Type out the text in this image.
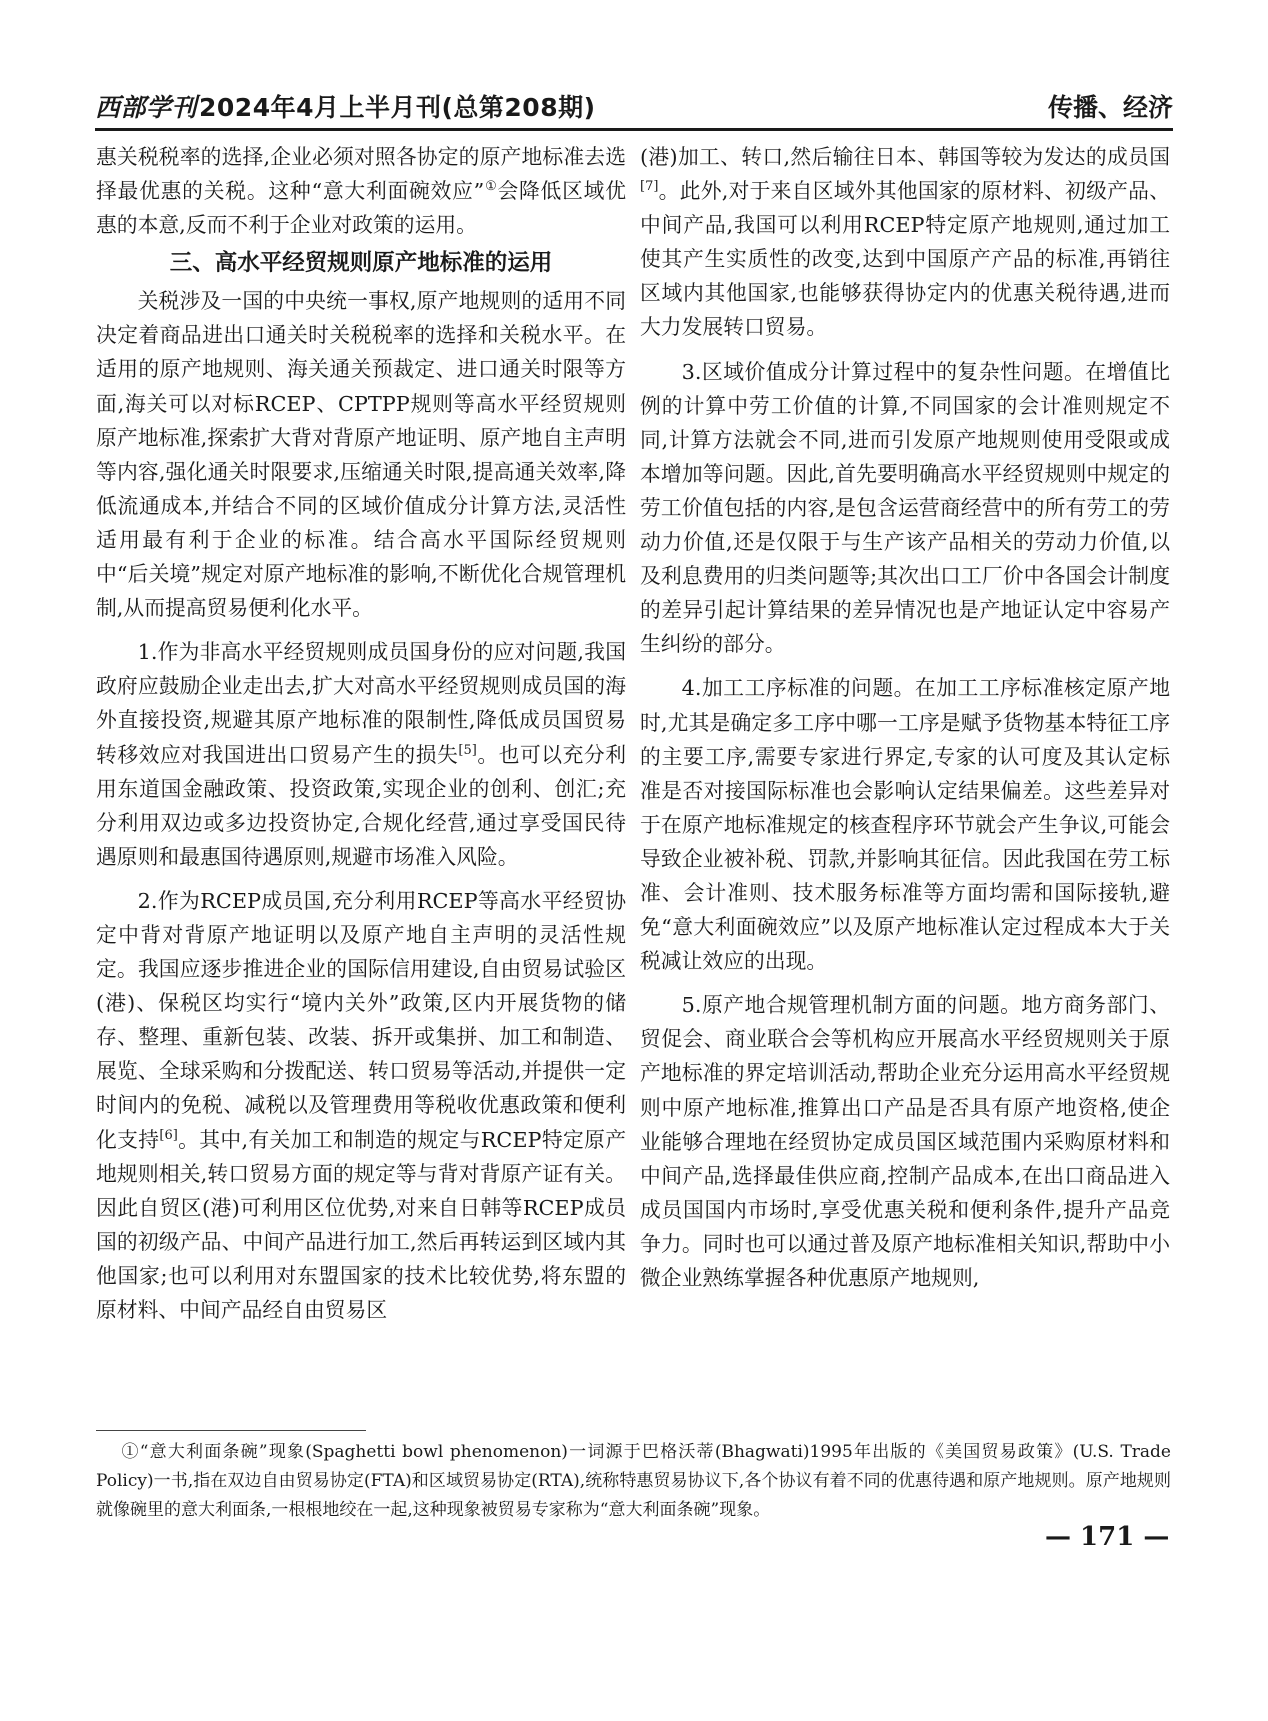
西部学刊2024年4月上半月刊(总第208期)	传播、经济

惠关税税率的选择,企业必须对照各协定的原产地标准去选择最优惠的关税。这种“意大利面碗效应”①会降低区域优惠的本意,反而不利于企业对政策的运用。

三、高水平经贸规则原产地标准的运用

关税涉及一国的中央统一事权,原产地规则的适用不同决定着商品进出口通关时关税税率的选择和关税水平。在适用的原产地规则、海关通关预裁定、进口通关时限等方面,海关可以对标RCEP、CPTPP规则等高水平经贸规则原产地标准,探索扩大背对背原产地证明、原产地自主声明等内容,强化通关时限要求,压缩通关时限,提高通关效率,降低流通成本,并结合不同的区域价值成分计算方法,灵活性适用最有利于企业的标准。结合高水平国际经贸规则中“后关境”规定对原产地标准的影响,不断优化合规管理机制,从而提高贸易便利化水平。

1.作为非高水平经贸规则成员国身份的应对问题,我国政府应鼓励企业走出去,扩大对高水平经贸规则成员国的海外直接投资,规避其原产地标准的限制性,降低成员国贸易转移效应对我国进出口贸易产生的损失[5]。也可以充分利用东道国金融政策、投资政策,实现企业的创利、创汇;充分利用双边或多边投资协定,合规化经营,通过享受国民待遇原则和最惠国待遇原则,规避市场准入风险。

2.作为RCEP成员国,充分利用RCEP等高水平经贸协定中背对背原产地证明以及原产地自主声明的灵活性规定。我国应逐步推进企业的国际信用建设,自由贸易试验区(港)、保税区均实行“境内关外”政策,区内开展货物的储存、整理、重新包装、改装、拆开或集拼、加工和制造、展览、全球采购和分拨配送、转口贸易等活动,并提供一定时间内的免税、减税以及管理费用等税收优惠政策和便利化支持[6]。其中,有关加工和制造的规定与RCEP特定原产地规则相关,转口贸易方面的规定等与背对背原产证有关。因此自贸区(港)可利用区位优势,对来自日韩等RCEP成员国的初级产品、中间产品进行加工,然后再转运到区域内其他国家;也可以利用对东盟国家的技术比较优势,将东盟的原材料、中间产品经自由贸易区

(港)加工、转口,然后输往日本、韩国等较为发达的成员国[7]。此外,对于来自区域外其他国家的原材料、初级产品、中间产品,我国可以利用RCEP特定原产地规则,通过加工使其产生实质性的改变,达到中国原产产品的标准,再销往区域内其他国家,也能够获得协定内的优惠关税待遇,进而大力发展转口贸易。

3.区域价值成分计算过程中的复杂性问题。在增值比例的计算中劳工价值的计算,不同国家的会计准则规定不同,计算方法就会不同,进而引发原产地规则使用受限或成本增加等问题。因此,首先要明确高水平经贸规则中规定的劳工价值包括的内容,是包含运营商经营中的所有劳工的劳动力价值,还是仅限于与生产该产品相关的劳动力价值,以及利息费用的归类问题等;其次出口工厂价中各国会计制度的差异引起计算结果的差异情况也是产地证认定中容易产生纠纷的部分。

4.加工工序标准的问题。在加工工序标准核定原产地时,尤其是确定多工序中哪一工序是赋予货物基本特征工序的主要工序,需要专家进行界定,专家的认可度及其认定标准是否对接国际标准也会影响认定结果偏差。这些差异对于在原产地标准规定的核查程序环节就会产生争议,可能会导致企业被补税、罚款,并影响其征信。因此我国在劳工标准、会计准则、技术服务标准等方面均需和国际接轨,避免“意大利面碗效应”以及原产地标准认定过程成本大于关税减让效应的出现。

5.原产地合规管理机制方面的问题。地方商务部门、贸促会、商业联合会等机构应开展高水平经贸规则关于原产地标准的界定培训活动,帮助企业充分运用高水平经贸规则中原产地标准,推算出口产品是否具有原产地资格,使企业能够合理地在经贸协定成员国区域范围内采购原材料和中间产品,选择最佳供应商,控制产品成本,在出口商品进入成员国国内市场时,享受优惠关税和便利条件,提升产品竞争力。同时也可以通过普及原产地标准相关知识,帮助中小微企业熟练掌握各种优惠原产地规则,

①“意大利面条碗”现象(Spaghetti bowl phenomenon)一词源于巴格沃蒂(Bhagwati)1995年出版的《美国贸易政策》(U.S. Trade Policy)一书,指在双边自由贸易协定(FTA)和区域贸易协定(RTA),统称特惠贸易协议下,各个协议有着不同的优惠待遇和原产地规则。原产地规则就像碗里的意大利面条,一根根地绞在一起,这种现象被贸易专家称为“意大利面条碗”现象。
— 171 —
